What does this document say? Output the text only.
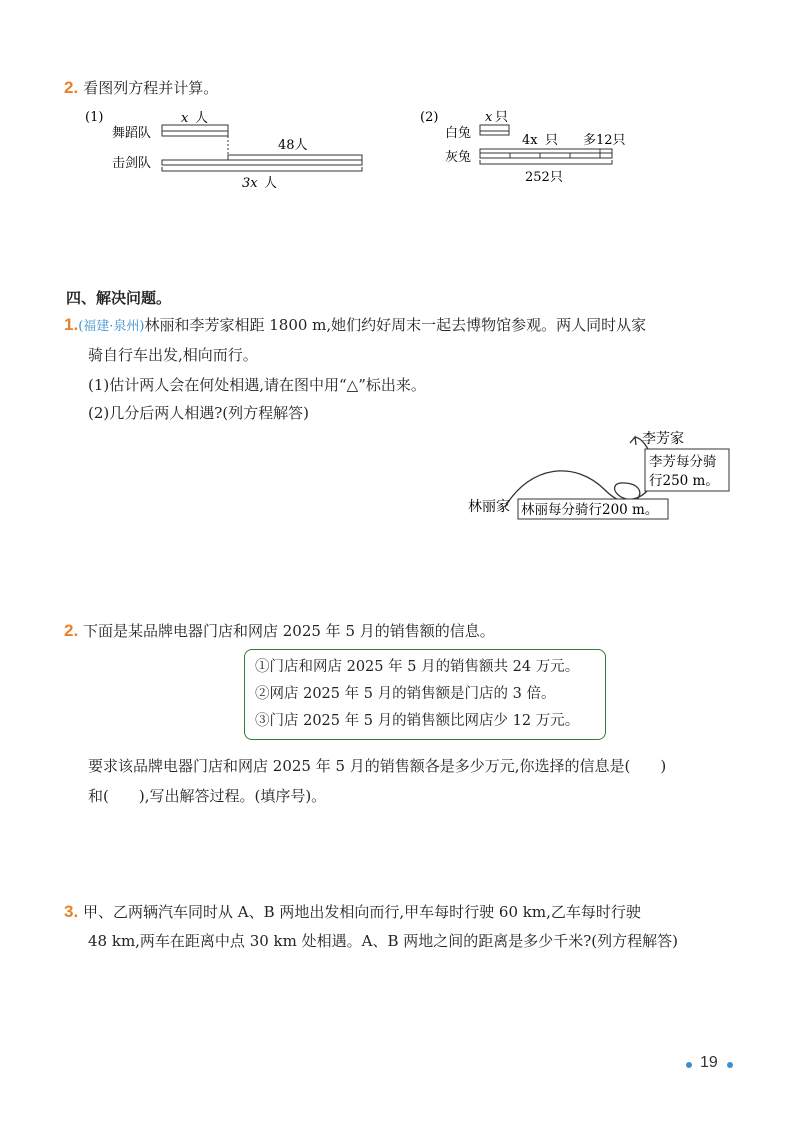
2. 看图列方程并计算。
(1)
舞蹈队
击剑队
x 人
48人
3x 人
(2)
白兔
灰兔
x 只
4x 只 多12只
252只
四、解决问题。
1.(福建·泉州)林丽和李芳家相距 1800 m,她们约好周末一起去博物馆参观。两人同时从家
骑自行车出发,相向而行。
(1)估计两人会在何处相遇,请在图中用“△”标出来。
(2)几分后两人相遇?(列方程解答)
李芳家
李芳每分骑
行250 m。
林丽家 林丽每分骑行200 m。
2. 下面是某品牌电器门店和网店 2025 年 5 月的销售额的信息。
①门店和网店 2025 年 5 月的销售额共 24 万元。
②网店 2025 年 5 月的销售额是门店的 3 倍。
③门店 2025 年 5 月的销售额比网店少 12 万元。
要求该品牌电器门店和网店 2025 年 5 月的销售额各是多少万元,你选择的信息是(　　)
和(　　),写出解答过程。(填序号)。
3. 甲、乙两辆汽车同时从 A、B 两地出发相向而行,甲车每时行驶 60 km,乙车每时行驶
48 km,两车在距离中点 30 km 处相遇。A、B 两地之间的距离是多少千米?(列方程解答)
19
